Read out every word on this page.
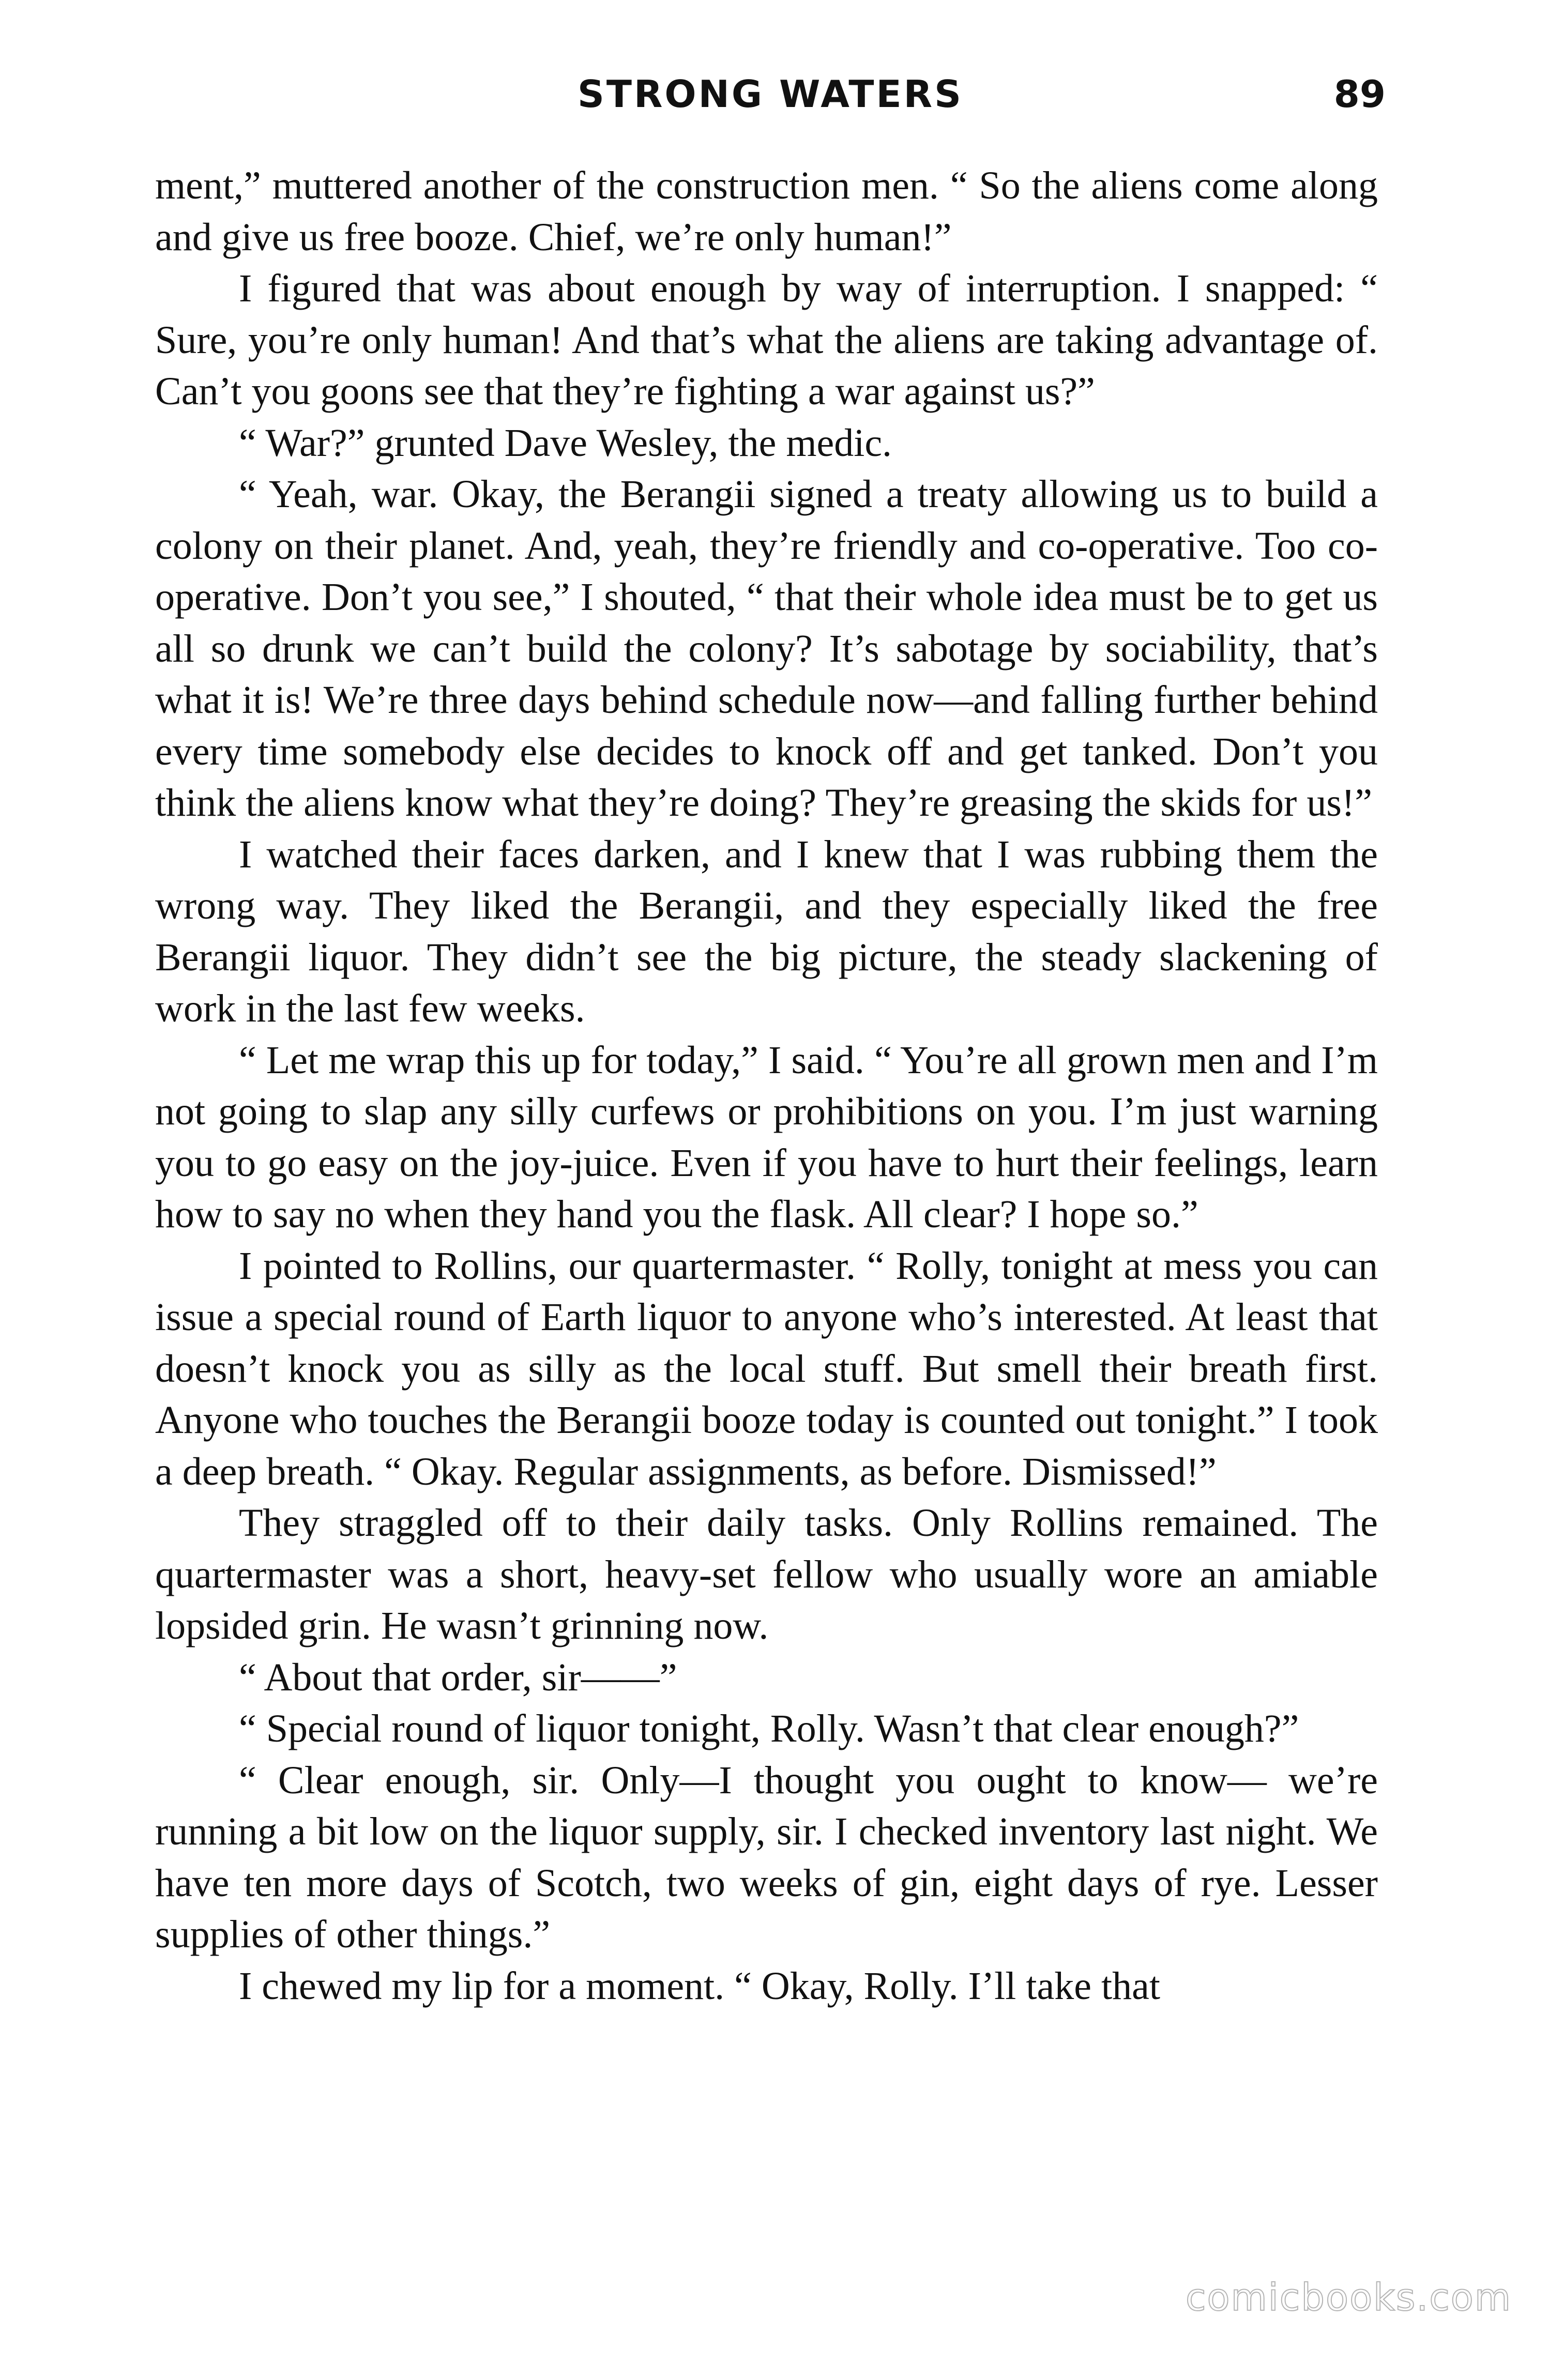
STRONG WATERS	89

ment,” muttered another of the construction men. “ So the aliens come along and give us free booze. Chief, we’re only human!”

I figured that was about enough by way of interruption. I snapped: “ Sure, you’re only human! And that’s what the aliens are taking advantage of. Can’t you goons see that they’re fighting a war against us?”

“ War?” grunted Dave Wesley, the medic.

“ Yeah, war. Okay, the Berangii signed a treaty allowing us to build a colony on their planet. And, yeah, they’re friendly and co-operative. Too co-operative. Don’t you see,” I shouted, “ that their whole idea must be to get us all so drunk we can’t build the colony? It’s sabotage by sociability, that’s what it is! We’re three days behind schedule now—and falling further behind every time somebody else decides to knock off and get tanked. Don’t you think the aliens know what they’re doing? They’re greasing the skids for us!”

I watched their faces darken, and I knew that I was rubbing them the wrong way. They liked the Berangii, and they especially liked the free Berangii liquor. They didn’t see the big picture, the steady slackening of work in the last few weeks.

“ Let me wrap this up for today,” I said. “ You’re all grown men and I’m not going to slap any silly curfews or prohibitions on you. I’m just warning you to go easy on the joy-juice. Even if you have to hurt their feelings, learn how to say no when they hand you the flask. All clear? I hope so.”

I pointed to Rollins, our quartermaster. “ Rolly, tonight at mess you can issue a special round of Earth liquor to anyone who’s interested. At least that doesn’t knock you as silly as the local stuff. But smell their breath first. Anyone who touches the Berangii booze today is counted out tonight.” I took a deep breath. “ Okay. Regular assignments, as before. Dismissed!”

They straggled off to their daily tasks. Only Rollins remained. The quartermaster was a short, heavy-set fellow who usually wore an amiable lopsided grin. He wasn’t grinning now.

“ About that order, sir——”

“ Special round of liquor tonight, Rolly. Wasn’t that clear enough?”

“ Clear enough, sir. Only—I thought you ought to know— we’re running a bit low on the liquor supply, sir. I checked inventory last night. We have ten more days of Scotch, two weeks of gin, eight days of rye. Lesser supplies of other things.”

I chewed my lip for a moment. “ Okay, Rolly. I’ll take that

comicbooks.com
